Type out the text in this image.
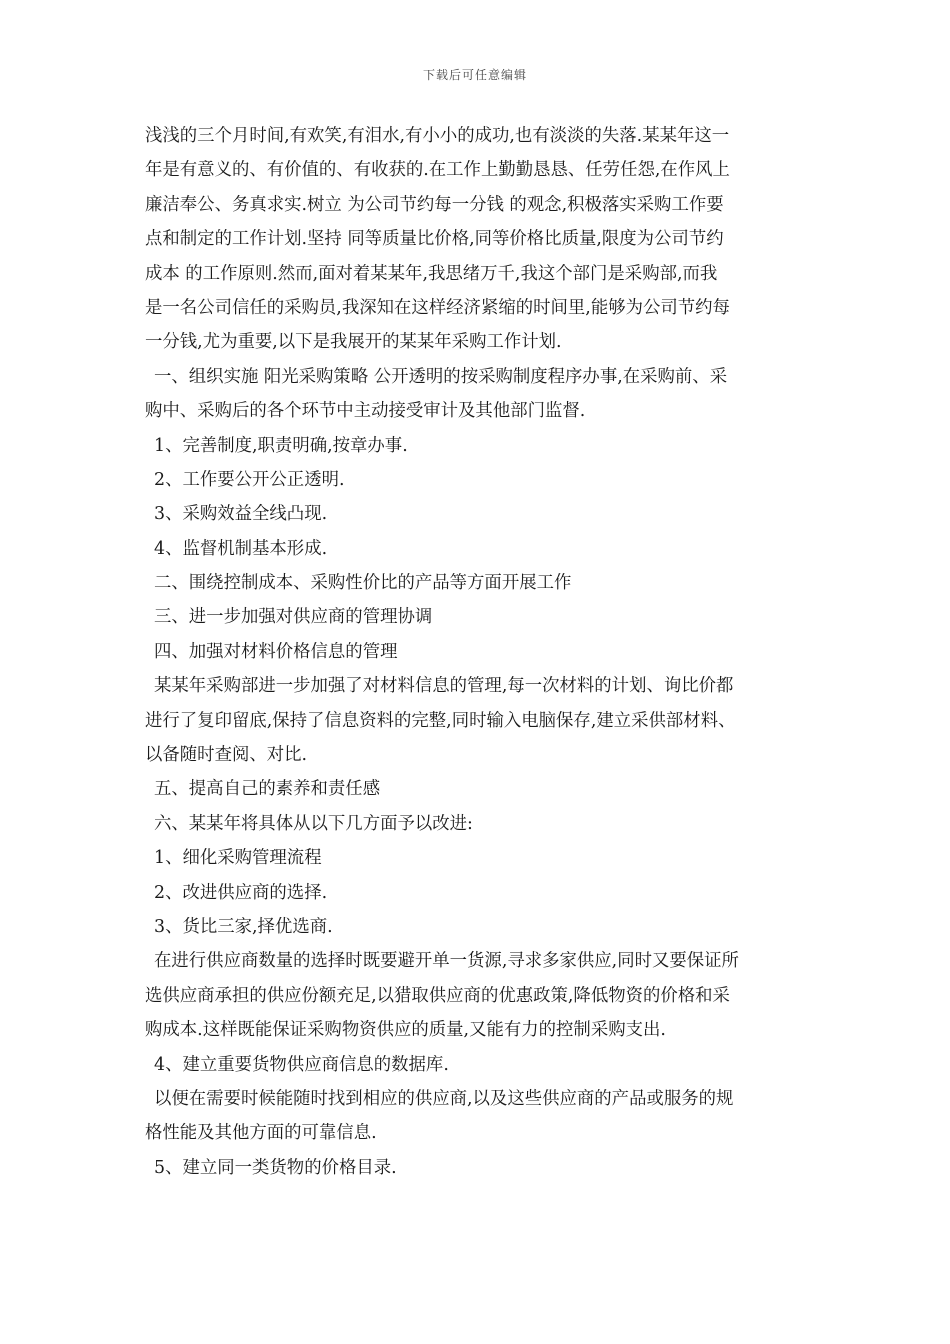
下载后可任意编辑
浅浅的三个月时间,有欢笑,有泪水,有小小的成功,也有淡淡的失落.某某年这一
年是有意义的、有价值的、有收获的.在工作上勤勤恳恳、任劳任怨,在作风上
廉洁奉公、务真求实.树立 为公司节约每一分钱 的观念,积极落实采购工作要
点和制定的工作计划.坚持 同等质量比价格,同等价格比质量,限度为公司节约
成本 的工作原则.然而,面对着某某年,我思绪万千,我这个部门是采购部,而我
是一名公司信任的采购员,我深知在这样经济紧缩的时间里,能够为公司节约每
一分钱,尤为重要,以下是我展开的某某年采购工作计划.
一、组织实施 阳光采购策略 公开透明的按采购制度程序办事,在采购前、采
购中、采购后的各个环节中主动接受审计及其他部门监督.
1、完善制度,职责明确,按章办事.
2、工作要公开公正透明.
3、采购效益全线凸现.
4、监督机制基本形成.
二、围绕控制成本、采购性价比的产品等方面开展工作
三、进一步加强对供应商的管理协调
四、加强对材料价格信息的管理
某某年采购部进一步加强了对材料信息的管理,每一次材料的计划、询比价都
进行了复印留底,保持了信息资料的完整,同时输入电脑保存,建立采供部材料、
以备随时查阅、对比.
五、提高自己的素养和责任感
六、某某年将具体从以下几方面予以改进:
1、细化采购管理流程
2、改进供应商的选择.
3、货比三家,择优选商.
在进行供应商数量的选择时既要避开单一货源,寻求多家供应,同时又要保证所
选供应商承担的供应份额充足,以猎取供应商的优惠政策,降低物资的价格和采
购成本.这样既能保证采购物资供应的质量,又能有力的控制采购支出.
4、建立重要货物供应商信息的数据库.
以便在需要时候能随时找到相应的供应商,以及这些供应商的产品或服务的规
格性能及其他方面的可靠信息.
5、建立同一类货物的价格目录.
